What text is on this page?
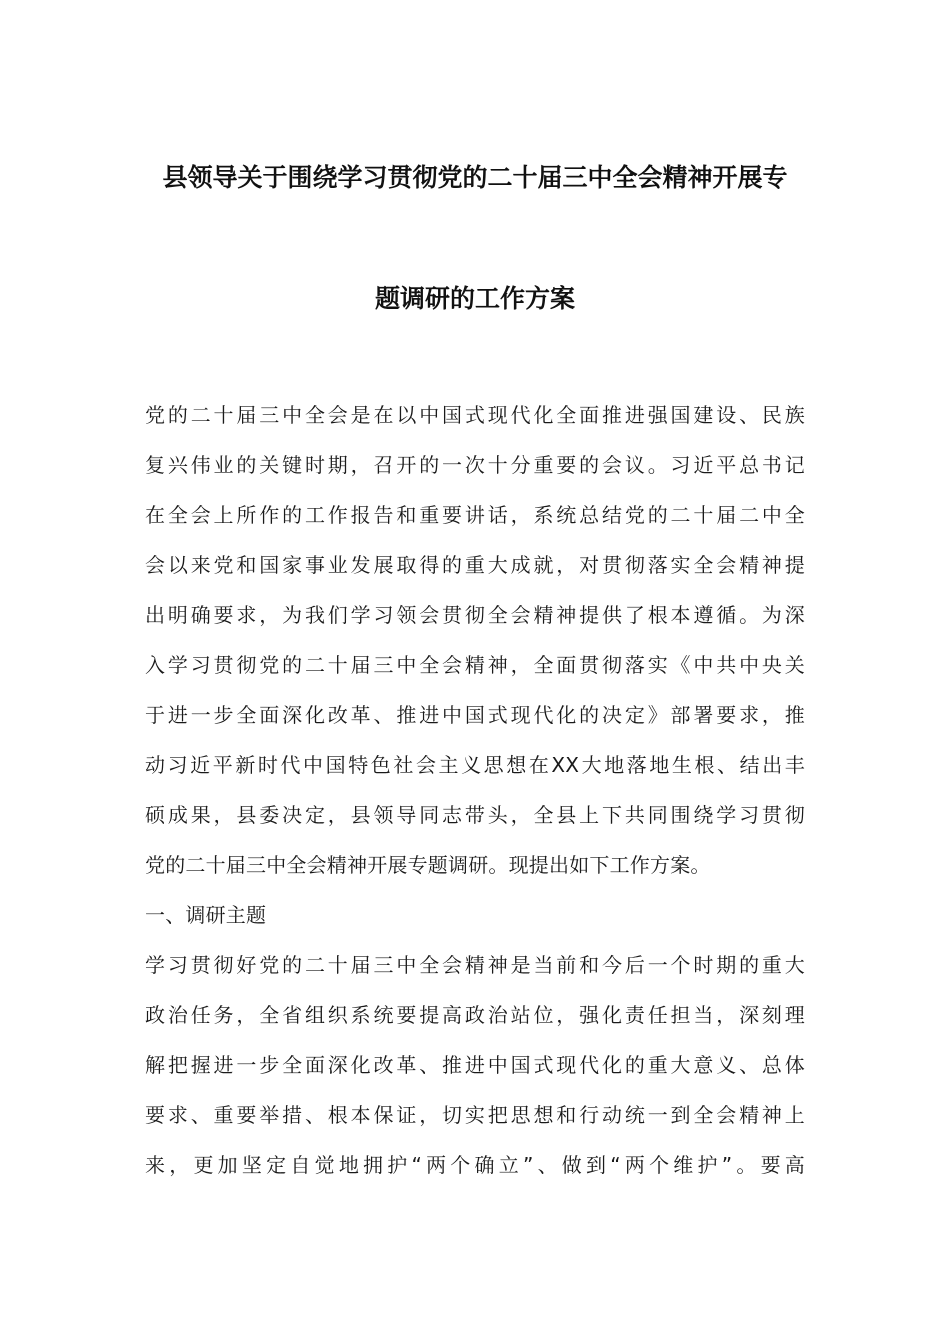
县领导关于围绕学习贯彻党的二十届三中全会精神开展专
题调研的工作方案
党的二十届三中全会是在以中国式现代化全面推进强国建设、民族
复兴伟业的关键时期，召开的一次十分重要的会议。习近平总书记
在全会上所作的工作报告和重要讲话，系统总结党的二十届二中全
会以来党和国家事业发展取得的重大成就，对贯彻落实全会精神提
出明确要求，为我们学习领会贯彻全会精神提供了根本遵循。为深
入学习贯彻党的二十届三中全会精神，全面贯彻落实《中共中央关
于进一步全面深化改革、推进中国式现代化的决定》部署要求，推
动习近平新时代中国特色社会主义思想在XX大地落地生根、结出丰
硕成果，县委决定，县领导同志带头，全县上下共同围绕学习贯彻
党的二十届三中全会精神开展专题调研。现提出如下工作方案。
一、调研主题
学习贯彻好党的二十届三中全会精神是当前和今后一个时期的重大
政治任务，全省组织系统要提高政治站位，强化责任担当，深刻理
解把握进一步全面深化改革、推进中国式现代化的重大意义、总体
要求、重要举措、根本保证，切实把思想和行动统一到全会精神上
来，更加坚定自觉地拥护“两个确立”、做到“两个维护”。要高
